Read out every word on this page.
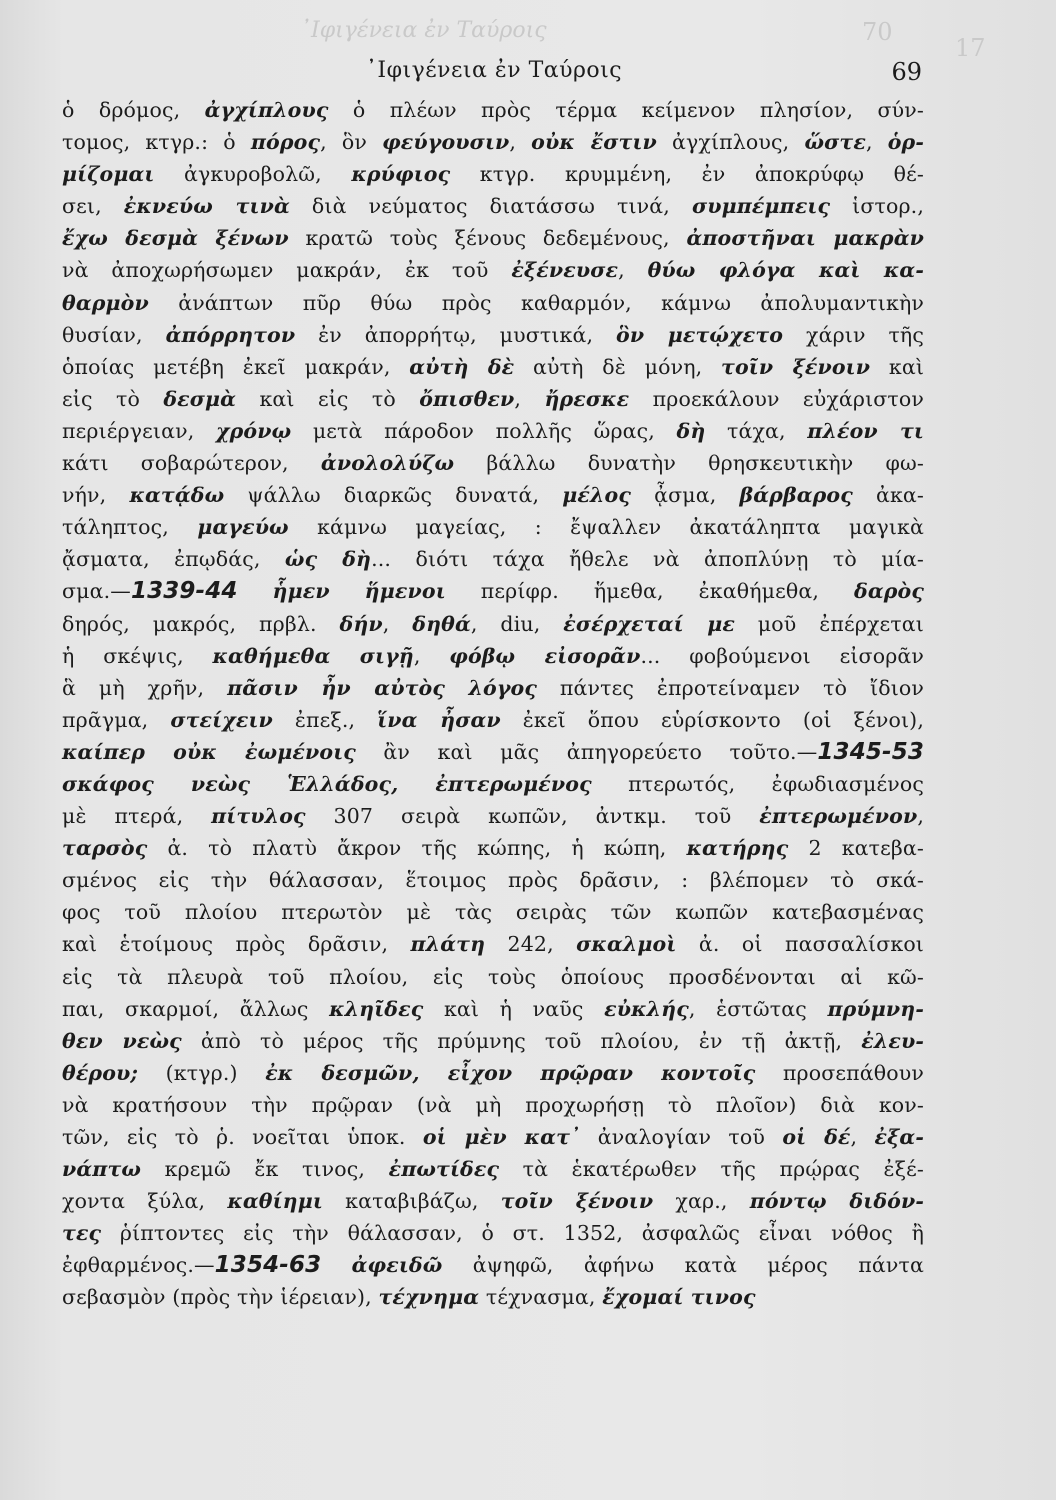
᾿Ιφιγένεια ἐν Ταύροις	70
17
᾿Ιφιγένεια ἐν Ταύροις	69
ὁ δρόμος, ἀγχίπλους ὁ πλέων πρὸς τέρμα κείμενον πλησίον, σύν-
τομος, κτγρ.: ὁ πόρος, ὃν φεύγουσιν, οὐκ ἔστιν ἀγχίπλους, ὥστε, ὁρ-
μίζομαι ἀγκυροβολῶ, κρύφιος κτγρ. κρυμμένη, ἐν ἀποκρύφῳ θέ-
σει, ἐκνεύω τινὰ διὰ νεύματος διατάσσω τινά, συμπέμπεις ἱστορ.,
ἔχω δεσμὰ ξένων κρατῶ τοὺς ξένους δεδεμένους, ἀποστῆναι μακρὰν
νὰ ἀποχωρήσωμεν μακράν, ἐκ τοῦ ἐξένευσε, θύω φλόγα καὶ κα-
θαρμὸν ἀνάπτων πῦρ θύω πρὸς καθαρμόν, κάμνω ἀπολυμαντικὴν
θυσίαν, ἀπόρρητον ἐν ἀπορρήτῳ, μυστικά, ὃν μετῴχετο χάριν τῆς
ὁποίας μετέβη ἐκεῖ μακράν, αὐτὴ δὲ αὐτὴ δὲ μόνη, τοῖν ξένοιν καὶ
εἰς τὸ δεσμὰ καὶ εἰς τὸ ὄπισθεν, ἤρεσκε προεκάλουν εὐχάριστον
περιέργειαν, χρόνῳ μετὰ πάροδον πολλῆς ὥρας, δὴ τάχα, πλέον τι
κάτι σοβαρώτερον, ἀνολολύζω βάλλω δυνατὴν θρησκευτικὴν φω-
νήν, κατᾴδω ψάλλω διαρκῶς δυνατά, μέλος ᾆσμα, βάρβαρος ἀκα-
τάληπτος, μαγεύω κάμνω μαγείας, : ἔψαλλεν ἀκατάληπτα μαγικὰ
ᾄσματα, ἐπῳδάς, ὡς δὴ... διότι τάχα ἤθελε νὰ ἀποπλύνῃ τὸ μία-
σμα.—1339-44 ἧμεν ἥμενοι περίφρ. ἥμεθα, ἐκαθήμεθα, δαρὸς
δηρός, μακρός, πρβλ. δήν, δηθά, diu, ἐσέρχεταί με μοῦ ἐπέρχεται
ἡ σκέψις, καθήμεθα σιγῇ, φόβῳ εἰσορᾶν... φοβούμενοι εἰσορᾶν
ἃ μὴ χρῆν, πᾶσιν ἦν αὐτὸς λόγος πάντες ἐπροτείναμεν τὸ ἴδιον
πρᾶγμα, στείχειν ἐπεξ., ἵνα ἦσαν ἐκεῖ ὅπου εὑρίσκοντο (οἱ ξένοι),
καίπερ οὐκ ἐωμένοις ἂν καὶ μᾶς ἀπηγορεύετο τοῦτο.—1345-53
σκάφος νεὼς Ἑλλάδος, ἐπτερωμένος πτερωτός, ἐφωδιασμένος
μὲ πτερά, πίτυλος 307 σειρὰ κωπῶν, ἀντκμ. τοῦ ἐπτερωμένον,
ταρσὸς ἀ. τὸ πλατὺ ἄκρον τῆς κώπης, ἡ κώπη, κατήρης 2 κατεβα-
σμένος εἰς τὴν θάλασσαν, ἕτοιμος πρὸς δρᾶσιν, : βλέπομεν τὸ σκά-
φος τοῦ πλοίου πτερωτὸν μὲ τὰς σειρὰς τῶν κωπῶν κατεβασμένας
καὶ ἑτοίμους πρὸς δρᾶσιν, πλάτη 242, σκαλμοὶ ἀ. οἱ πασσαλίσκοι
εἰς τὰ πλευρὰ τοῦ πλοίου, εἰς τοὺς ὁποίους προσδένονται αἱ κῶ-
παι, σκαρμοί, ἄλλως κληῖδες καὶ ἡ ναῦς εὐκλής, ἑστῶτας πρύμνη-
θεν νεὼς ἀπὸ τὸ μέρος τῆς πρύμνης τοῦ πλοίου, ἐν τῇ ἀκτῇ, ἐλευ-
θέρου; (κτγρ.) ἐκ δεσμῶν, εἶχον πρῷραν κοντοῖς προσεπάθουν
νὰ κρατήσουν τὴν πρῷραν (νὰ μὴ προχωρήσῃ τὸ πλοῖον) διὰ κον-
τῶν, εἰς τὸ ῥ. νοεῖται ὑποκ. οἱ μὲν κατ᾿ ἀναλογίαν τοῦ οἱ δέ, ἐξα-
νάπτω κρεμῶ ἔκ τινος, ἐπωτίδες τὰ ἑκατέρωθεν τῆς πρῴρας ἐξέ-
χοντα ξύλα, καθίημι καταβιβάζω, τοῖν ξένοιν χαρ., πόντῳ διδόν-
τες ῥίπτοντες εἰς τὴν θάλασσαν, ὁ στ. 1352, ἀσφαλῶς εἶναι νόθος ἢ
ἐφθαρμένος.—1354-63 ἀφειδῶ ἀψηφῶ, ἀφήνω κατὰ μέρος πάντα
σεβασμὸν (πρὸς τὴν ἱέρειαν), τέχνημα τέχνασμα, ἔχομαί τινος
